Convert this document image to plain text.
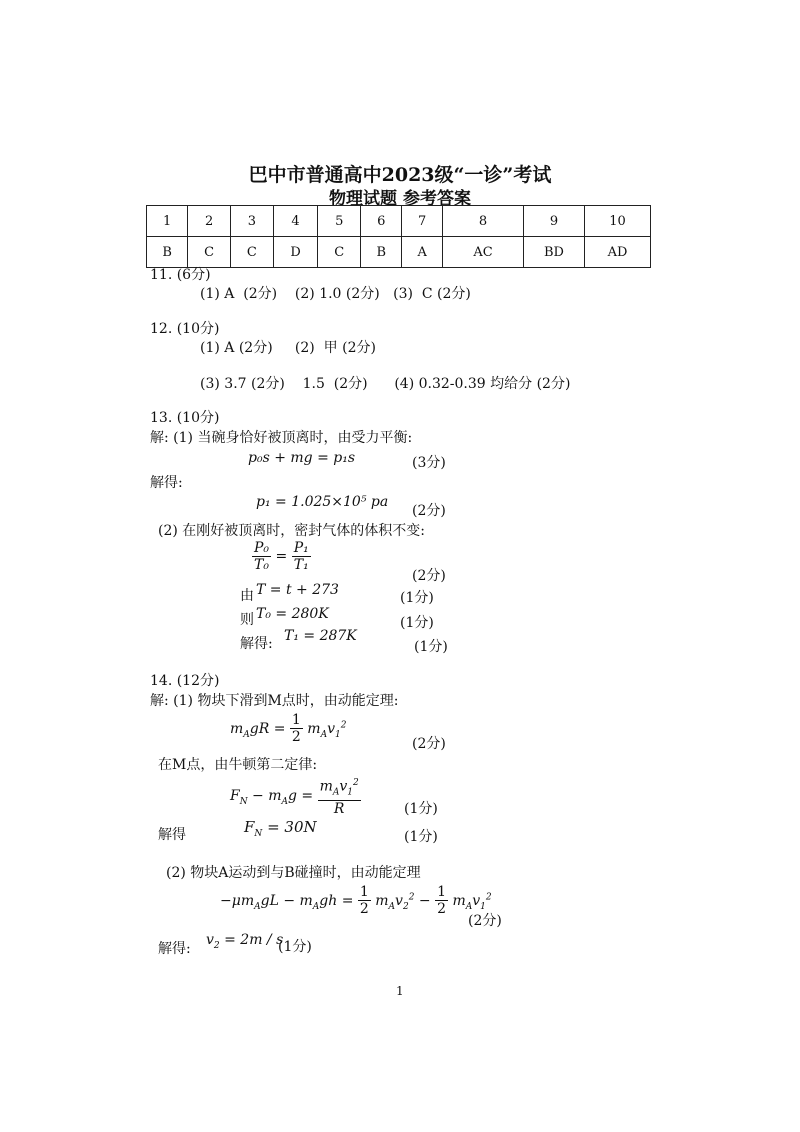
巴中市普通高中2023级“一诊”考试
物理试题 参考答案
1	2	3	4	5	6	7	8	9	10
B	C	C	D	C	B	A	AC	BD	AD
11. (6分)
(1) A  (2分)    (2) 1.0 (2分)   (3)  C (2分)
12. (10分)
(1) A (2分)     (2)  甲 (2分)
(3) 3.7 (2分)    1.5  (2分)      (4) 0.32-0.39 均给分 (2分)
13. (10分)
解: (1) 当碗身恰好被顶离时，由受力平衡:
p₀s + mg = p₁s	(3分)
解得:
p₁ = 1.025×10⁵ pa
(2分)
(2) 在刚好被顶离时，密封气体的体积不变:
$\frac{\text{P₀}}{\text{T₀}} = \frac{\text{P₁}}{\text{T₁}}$
(2分)
由 T = t + 273	(1分)
则 T₀ = 280K
(1分)
解得: T₁ = 287K
(1分)
14. (12分)
解: (1) 物块下滑到M点时，由动能定理:
$m_AgR = \frac{1}{2} m_Av_1^2$
(2分)
在M点，由牛顿第二定律:
$F_N - m_Ag = \frac{m_Av_1^2}{R}$	(1分)
解得	$F_N = 30N$
(1分)
(2) 物块A运动到与B碰撞时，由动能定理
$-\mu m_AgL - m_Agh = \frac{1}{2} m_Av_2^2 - \frac{1}{2} m_Av_1^2$
(2分)
解得:
$v_2 = 2m / s$
(1分)
1
